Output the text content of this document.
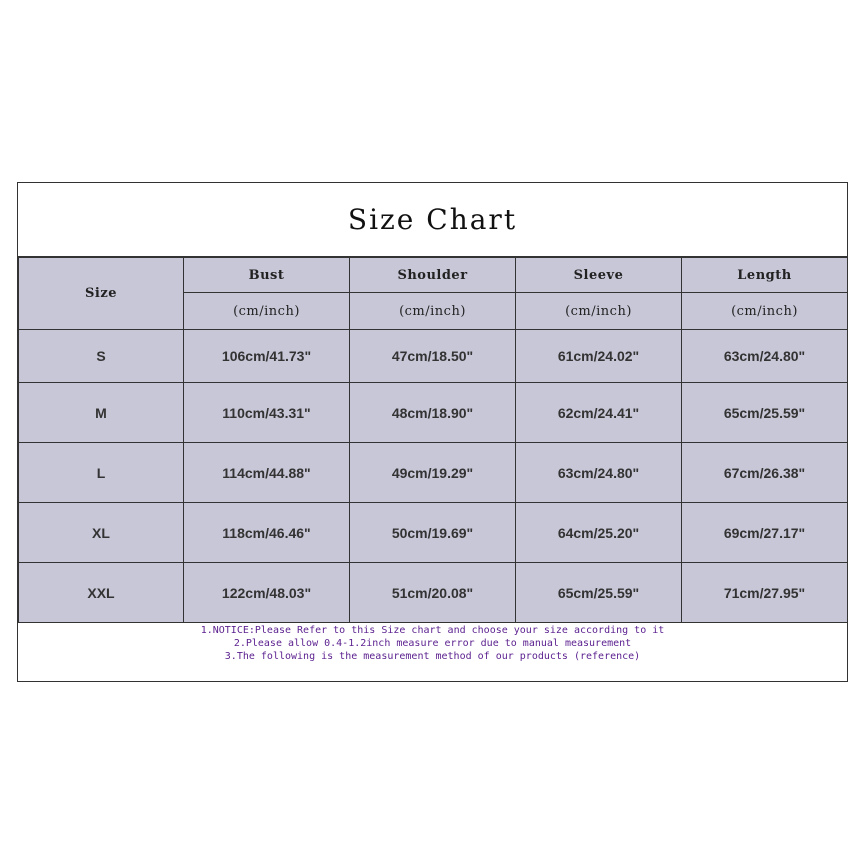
Size Chart
Size	Bust	Shoulder	Sleeve	Length
	(cm/inch)	(cm/inch)	(cm/inch)	(cm/inch)
S	106cm/41.73"	47cm/18.50"	61cm/24.02"	63cm/24.80"
M	110cm/43.31"	48cm/18.90"	62cm/24.41"	65cm/25.59"
L	114cm/44.88"	49cm/19.29"	63cm/24.80"	67cm/26.38"
XL	118cm/46.46"	50cm/19.69"	64cm/25.20"	69cm/27.17"
XXL	122cm/48.03"	51cm/20.08"	65cm/25.59"	71cm/27.95"
1.NOTICE:Please Refer to this Size chart and choose your size according to it
2.Please allow 0.4-1.2inch measure error due to manual measurement
3.The following is the measurement method of our products (reference)
